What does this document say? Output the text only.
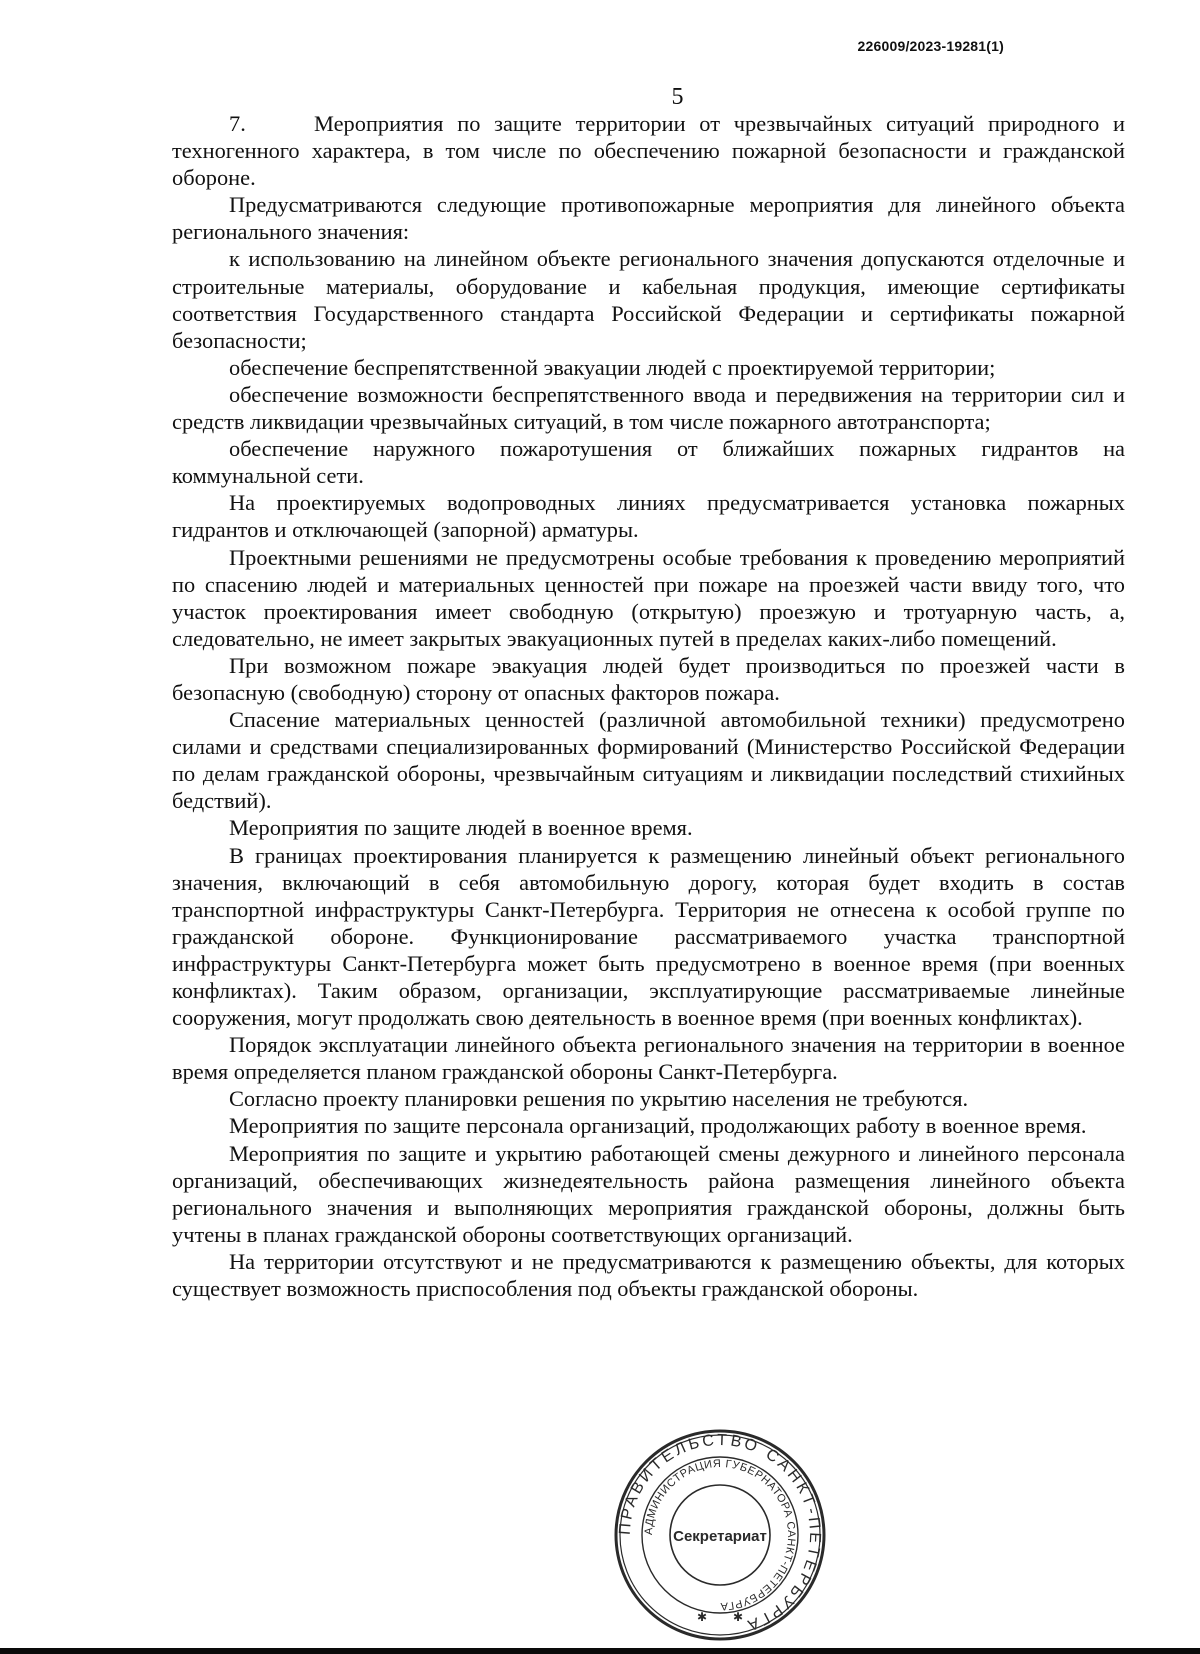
226009/2023-19281(1)
5

7.	Мероприятия по защите территории от чрезвычайных ситуаций природного и техногенного характера, в том числе по обеспечению пожарной безопасности и гражданской обороне.

Предусматриваются следующие противопожарные мероприятия для линейного объекта регионального значения:

к использованию на линейном объекте регионального значения допускаются отделочные и строительные материалы, оборудование и кабельная продукция, имеющие сертификаты соответствия Государственного стандарта Российской Федерации и сертификаты пожарной безопасности;

обеспечение беспрепятственной эвакуации людей с проектируемой территории;

обеспечение возможности беспрепятственного ввода и передвижения на территории сил и средств ликвидации чрезвычайных ситуаций, в том числе пожарного автотранспорта;

обеспечение наружного пожаротушения от ближайших пожарных гидрантов на коммунальной сети.

На проектируемых водопроводных линиях предусматривается установка пожарных гидрантов и отключающей (запорной) арматуры.

Проектными решениями не предусмотрены особые требования к проведению мероприятий по спасению людей и материальных ценностей при пожаре на проезжей части ввиду того, что участок проектирования имеет свободную (открытую) проезжую и тротуарную часть, а, следовательно, не имеет закрытых эвакуационных путей в пределах каких-либо помещений.

При возможном пожаре эвакуация людей будет производиться по проезжей части в безопасную (свободную) сторону от опасных факторов пожара.

Спасение материальных ценностей (различной автомобильной техники) предусмотрено силами и средствами специализированных формирований (Министерство Российской Федерации по делам гражданской обороны, чрезвычайным ситуациям и ликвидации последствий стихийных бедствий).

Мероприятия по защите людей в военное время.

В границах проектирования планируется к размещению линейный объект регионального значения, включающий в себя автомобильную дорогу, которая будет входить в состав транспортной инфраструктуры Санкт-Петербурга. Территория не отнесена к особой группе по гражданской обороне. Функционирование рассматриваемого участка транспортной инфраструктуры Санкт-Петербурга может быть предусмотрено в военное время (при военных конфликтах). Таким образом, организации, эксплуатирующие рассматриваемые линейные сооружения, могут продолжать свою деятельность в военное время (при военных конфликтах).

Порядок эксплуатации линейного объекта регионального значения на территории в военное время определяется планом гражданской обороны Санкт-Петербурга.

Согласно проекту планировки решения по укрытию населения не требуются.

Мероприятия по защите персонала организаций, продолжающих работу в военное время.

Мероприятия по защите и укрытию работающей смены дежурного и линейного персонала организаций, обеспечивающих жизнедеятельность района размещения линейного объекта регионального значения и выполняющих мероприятия гражданской обороны, должны быть учтены в планах гражданской обороны соответствующих организаций.

На территории отсутствуют и не предусматриваются к размещению объекты, для которых существует возможность приспособления под объекты гражданской обороны.

ПРАВИТЕЛЬСТВО САНКТ-ПЕТЕРБУРГА
АДМИНИСТРАЦИЯ ГУБЕРНАТОРА САНКТ-ПЕТЕРБУРГА
Секретариат
✱ ✱
